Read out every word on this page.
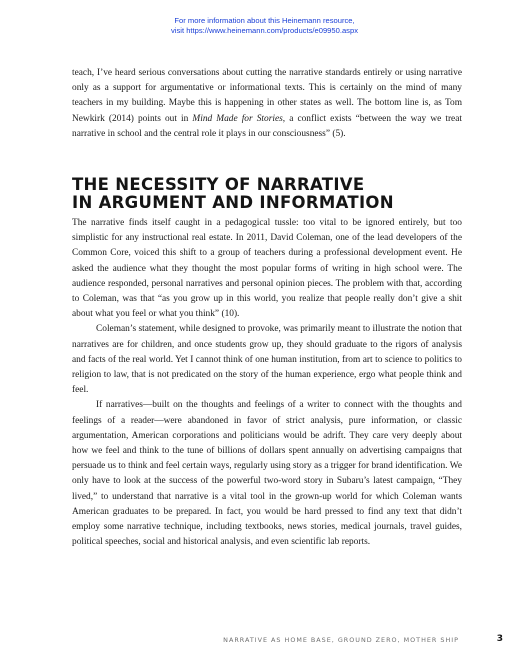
For more information about this Heinemann resource,
visit https://www.heinemann.com/products/e09950.aspx

teach, I’ve heard serious conversations about cutting the narrative standards entirely or using narrative only as a support for argumentative or informational texts. This is certainly on the mind of many teachers in my building. Maybe this is happening in other states as well. The bottom line is, as Tom Newkirk (2014) points out in Mind Made for Stories, a conflict exists “between the way we treat narrative in school and the central role it plays in our consciousness” (5).

THE NECESSITY OF NARRATIVE
IN ARGUMENT AND INFORMATION

The narrative finds itself caught in a pedagogical tussle: too vital to be ignored entirely, but too simplistic for any instructional real estate. In 2011, David Coleman, one of the lead developers of the Common Core, voiced this shift to a group of teachers during a professional development event. He asked the audience what they thought the most popular forms of writing in high school were. The audience responded, personal narratives and personal opinion pieces. The problem with that, according to Coleman, was that “as you grow up in this world, you realize that people really don’t give a shit about what you feel or what you think” (10).

Coleman’s statement, while designed to provoke, was primarily meant to illustrate the notion that narratives are for children, and once students grow up, they should graduate to the rigors of analysis and facts of the real world. Yet I cannot think of one human institution, from art to science to politics to religion to law, that is not predicated on the story of the human experience, ergo what people think and feel.

If narratives—built on the thoughts and feelings of a writer to connect with the thoughts and feelings of a reader—were abandoned in favor of strict analysis, pure information, or classic argumentation, American corporations and politicians would be adrift. They care very deeply about how we feel and think to the tune of billions of dollars spent annually on advertising campaigns that persuade us to think and feel certain ways, regularly using story as a trigger for brand identification. We only have to look at the success of the powerful two-word story in Subaru’s latest campaign, “They lived,” to understand that narrative is a vital tool in the grown-up world for which Coleman wants American graduates to be prepared. In fact, you would be hard pressed to find any text that didn’t employ some narrative technique, including textbooks, news stories, medical journals, travel guides, political speeches, social and historical analysis, and even scientific lab reports.

NARRATIVE AS HOME BASE, GROUND ZERO, MOTHER SHIP	3
